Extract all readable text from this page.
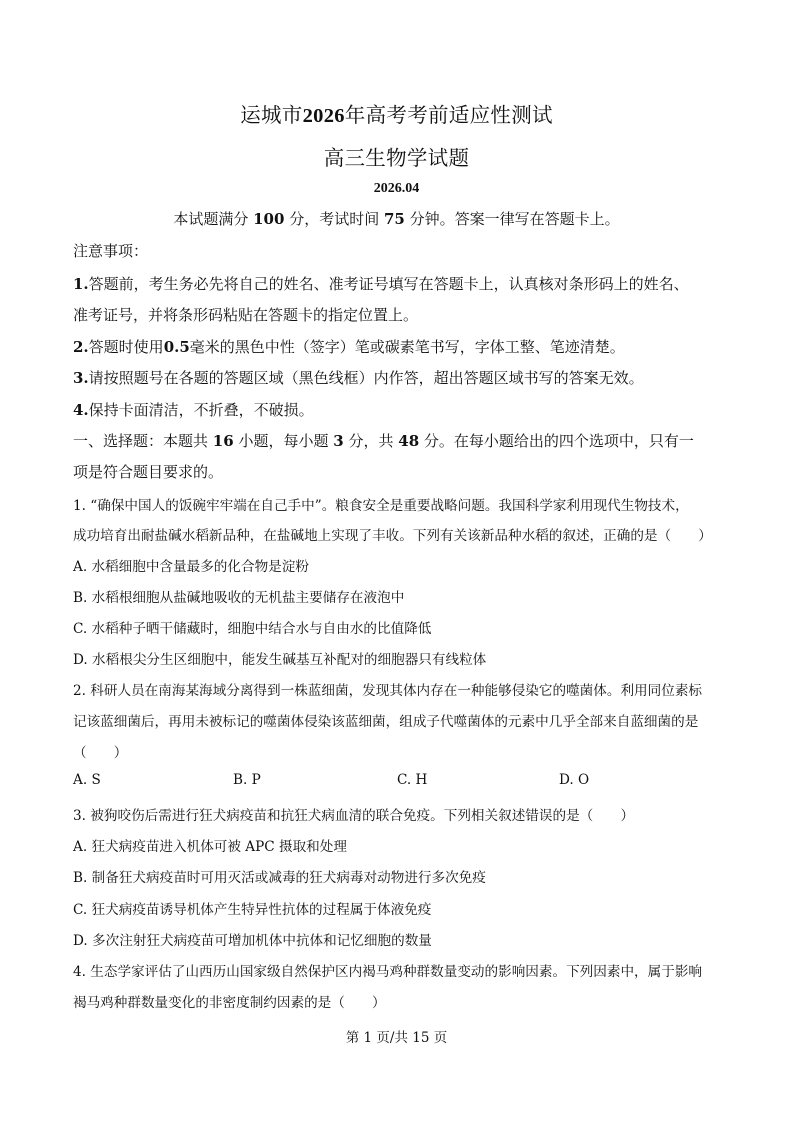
运城市2026年高考考前适应性测试
高三生物学试题
2026.04
本试题满分 100 分，考试时间 75 分钟。答案一律写在答题卡上。
注意事项：
1.答题前，考生务必先将自己的姓名、准考证号填写在答题卡上，认真核对条形码上的姓名、
准考证号，并将条形码粘贴在答题卡的指定位置上。
2.答题时使用0.5毫米的黑色中性（签字）笔或碳素笔书写，字体工整、笔迹清楚。
3.请按照题号在各题的答题区域（黑色线框）内作答，超出答题区域书写的答案无效。
4.保持卡面清洁，不折叠，不破损。
一、选择题：本题共 16 小题，每小题 3 分，共 48 分。在每小题给出的四个选项中，只有一
项是符合题目要求的。
1. “确保中国人的饭碗牢牢端在自己手中”。粮食安全是重要战略问题。我国科学家利用现代生物技术，
成功培育出耐盐碱水稻新品种，在盐碱地上实现了丰收。下列有关该新品种水稻的叙述，正确的是（　　）
A. 水稻细胞中含量最多的化合物是淀粉
B. 水稻根细胞从盐碱地吸收的无机盐主要储存在液泡中
C. 水稻种子晒干储藏时，细胞中结合水与自由水的比值降低
D. 水稻根尖分生区细胞中，能发生碱基互补配对的细胞器只有线粒体
2. 科研人员在南海某海域分离得到一株蓝细菌，发现其体内存在一种能够侵染它的噬菌体。利用同位素标
记该蓝细菌后，再用未被标记的噬菌体侵染该蓝细菌，组成子代噬菌体的元素中几乎全部来自蓝细菌的是
（　　）
A. S	B. P	C. H	D. O
3. 被狗咬伤后需进行狂犬病疫苗和抗狂犬病血清的联合免疫。下列相关叙述错误的是（　　）
A. 狂犬病疫苗进入机体可被 APC 摄取和处理
B. 制备狂犬病疫苗时可用灭活或减毒的狂犬病毒对动物进行多次免疫
C. 狂犬病疫苗诱导机体产生特异性抗体的过程属于体液免疫
D. 多次注射狂犬病疫苗可增加机体中抗体和记忆细胞的数量
4. 生态学家评估了山西历山国家级自然保护区内褐马鸡种群数量变动的影响因素。下列因素中，属于影响
褐马鸡种群数量变化的非密度制约因素的是（　　）
第 1 页/共 15 页
